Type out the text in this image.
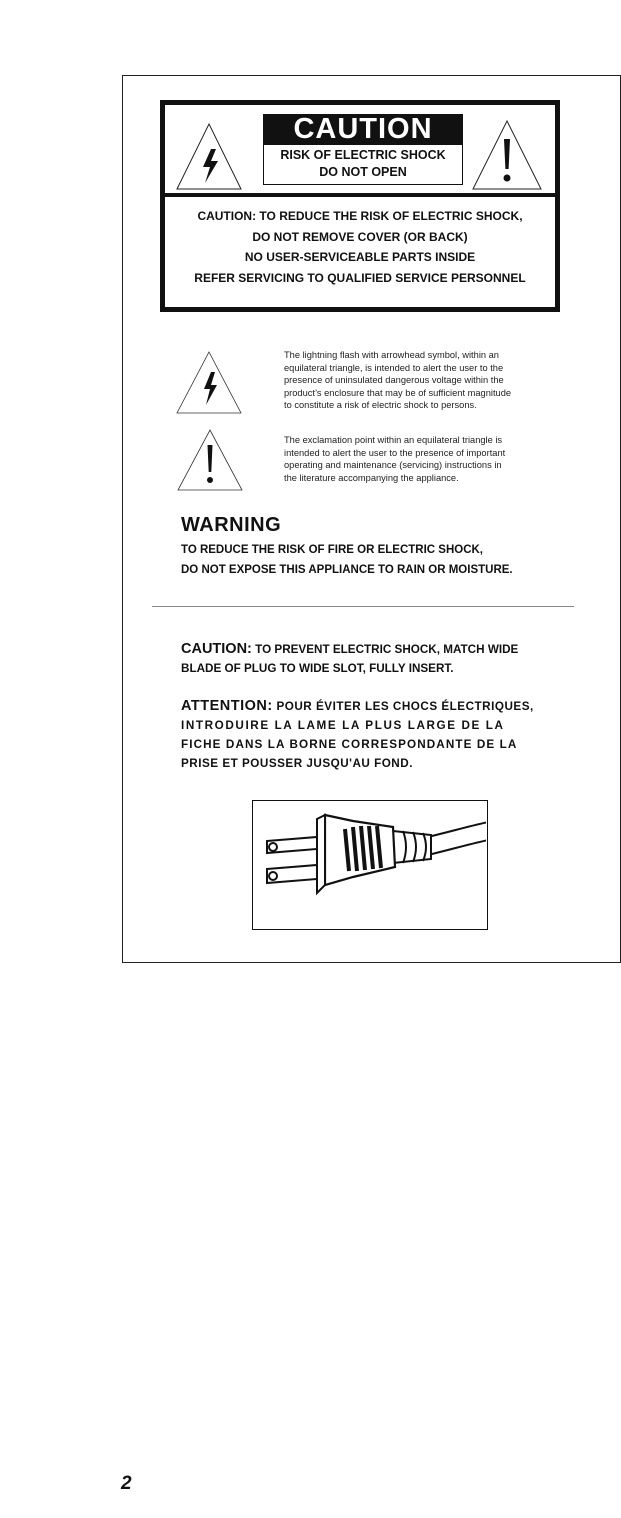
CAUTION
RISK OF ELECTRIC SHOCK
DO NOT OPEN
CAUTION: TO REDUCE THE RISK OF ELECTRIC SHOCK,
DO NOT REMOVE COVER (OR BACK)
NO USER-SERVICEABLE PARTS INSIDE
REFER SERVICING TO QUALIFIED SERVICE PERSONNEL
The lightning flash with arrowhead symbol, within an
equilateral triangle, is intended to alert the user to the
presence of uninsulated dangerous voltage within the
product’s enclosure that may be of sufficient magnitude
to constitute a risk of electric shock to persons.
The exclamation point within an equilateral triangle is
intended to alert the user to the presence of important
operating and maintenance (servicing) instructions in
the literature accompanying the appliance.
WARNING
TO REDUCE THE RISK OF FIRE OR ELECTRIC SHOCK,
DO NOT EXPOSE THIS APPLIANCE TO RAIN OR MOISTURE.
CAUTION: TO PREVENT ELECTRIC SHOCK, MATCH WIDE
BLADE OF PLUG TO WIDE SLOT, FULLY INSERT.
ATTENTION: POUR ÉVITER LES CHOCS ÉLECTRIQUES,
INTRODUIRE LA LAME LA PLUS LARGE DE LA
FICHE DANS LA BORNE CORRESPONDANTE DE LA
PRISE ET POUSSER JUSQU'AU FOND.
2
